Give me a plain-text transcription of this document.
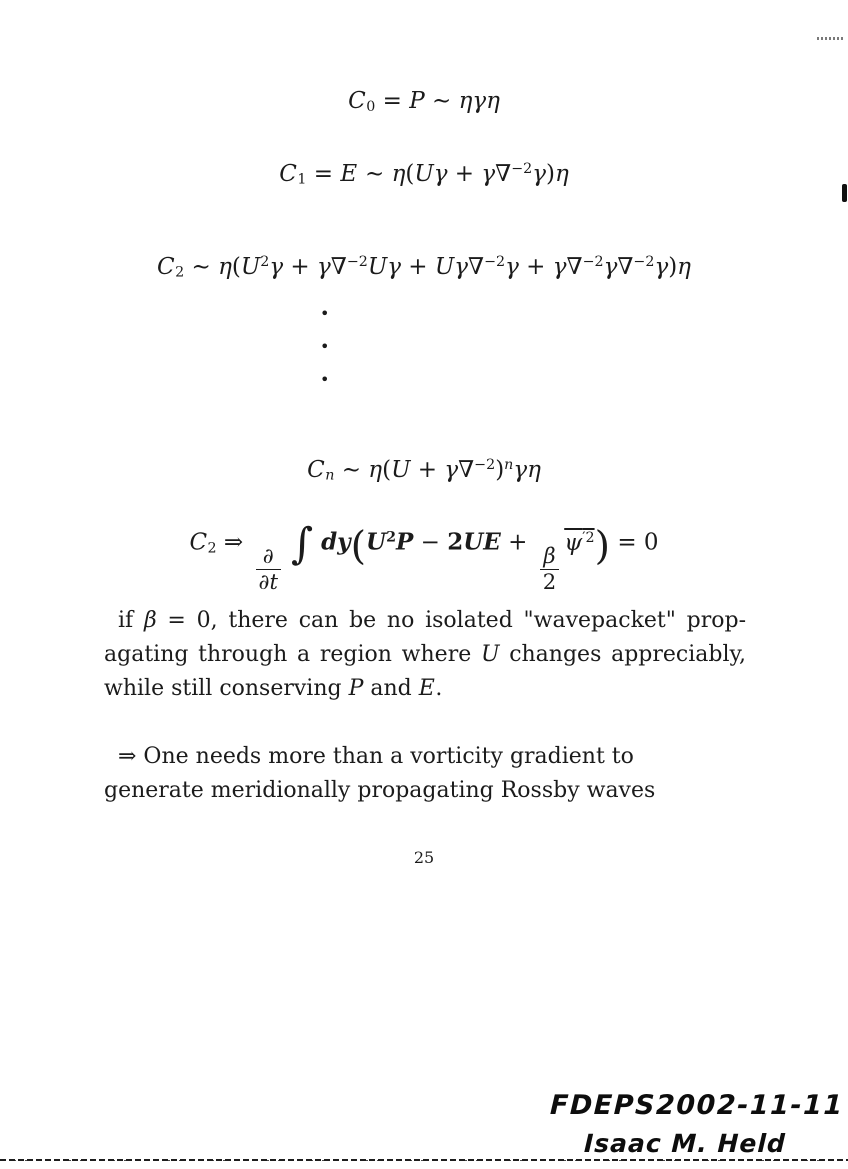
C0 = P ∼ ηγη
C1 = E ∼ η(Uγ + γ∇$^{-2}$γ)η
C2 ∼ $\eta(U^2\gamma + \gamma\nabla^{-2}U\gamma + U\gamma\nabla^{-2}\gamma + \gamma\nabla^{-2}\gamma\nabla^{-2}\gamma)\eta$
•
•
•
Cn ∼ $\eta(U + \gamma\nabla^{-2})^n\gamma\eta$
C2 ⇒
$\frac{\partial}{\partial t}$ ∫ $dy(U^2P - 2UE$ +
$\frac{\beta}{2}$
$\psi^{'2}) = 0$
if β = 0, there can be no isolated "wavepacket" prop-
agating through a region where U changes appreciably,
while still conserving P and E.
⇒ One needs more than a vorticity gradient to
generate meridionally propagating Rossby waves
25
FDEPS2002-11-11
Isaac M. Held
